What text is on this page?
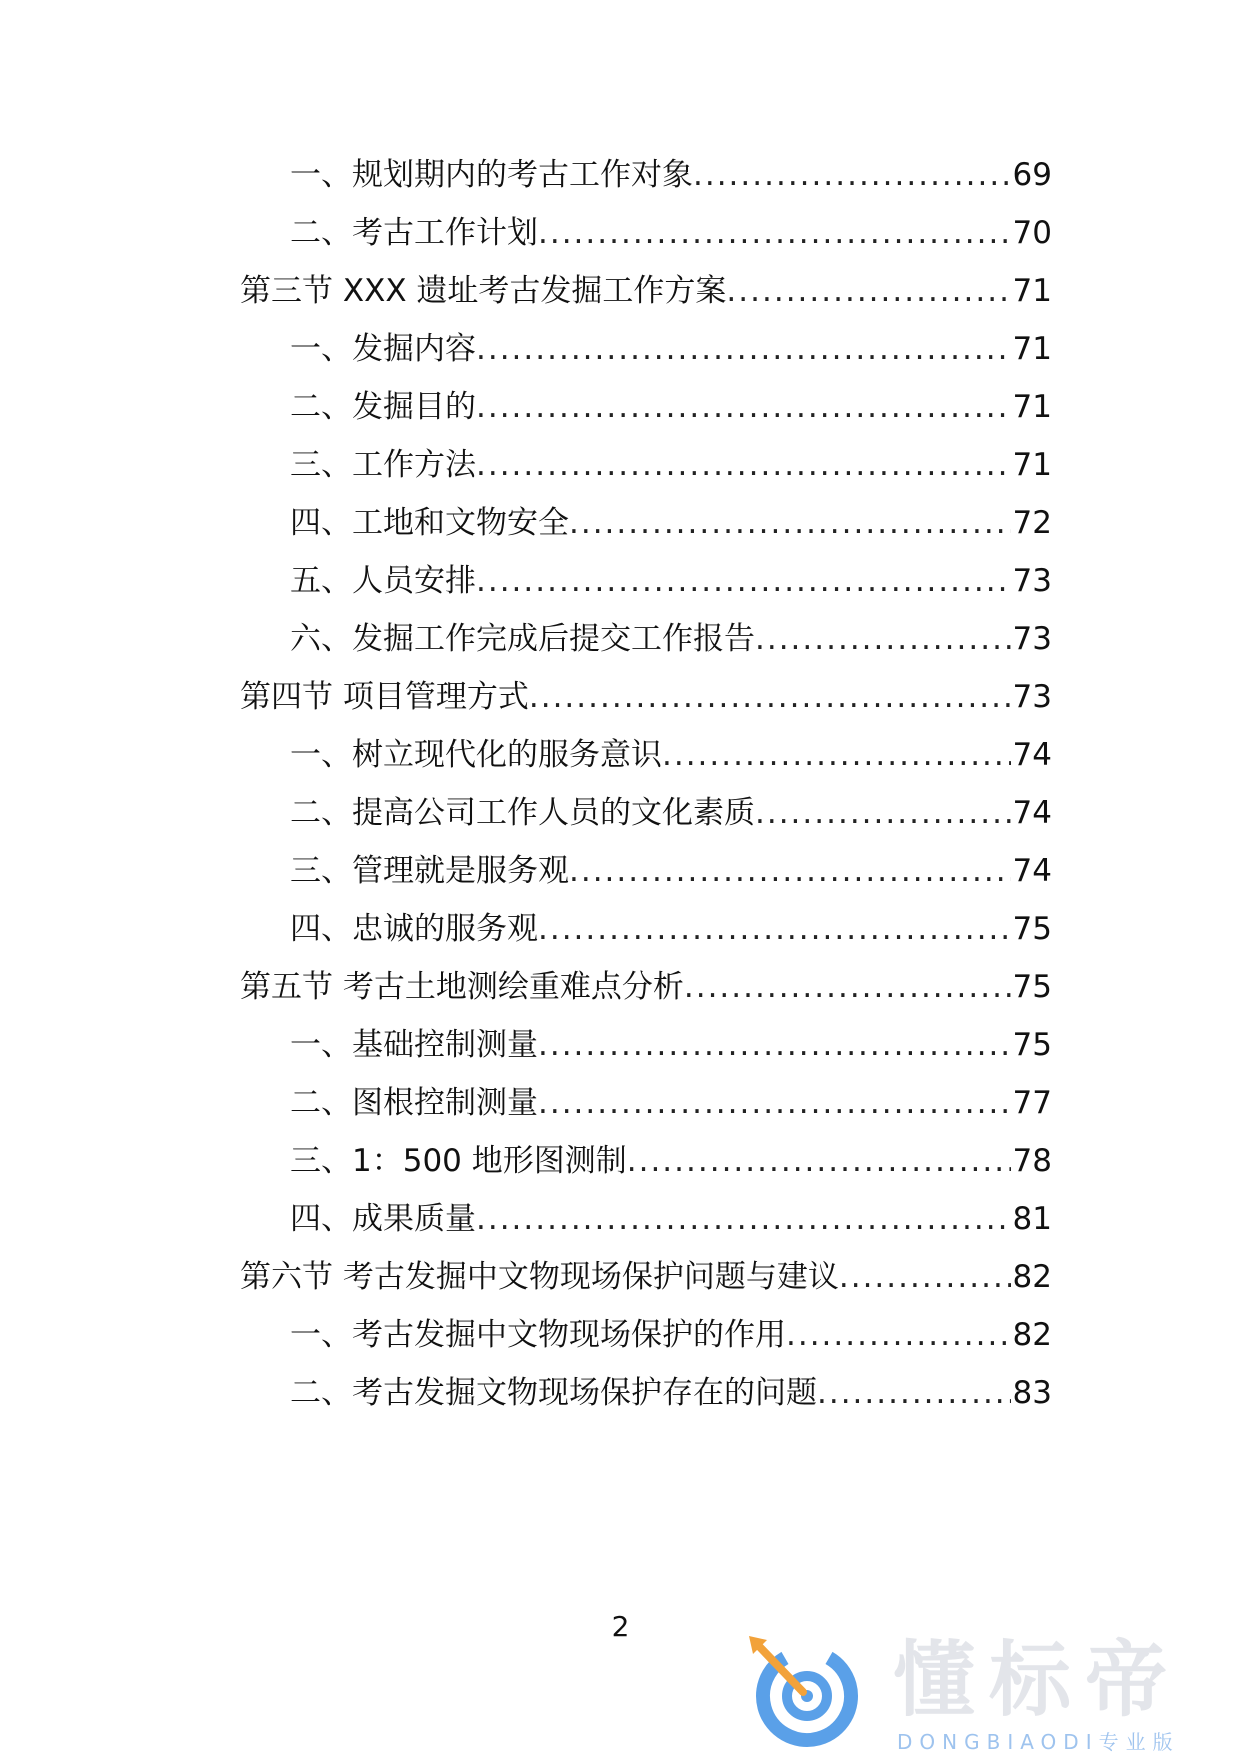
一、规划期内的考古工作对象 .....	69
二、考古工作计划 .....	70
第三节 XXX 遗址考古发掘工作方案 .....	71
一、发掘内容 .....	71
二、发掘目的 .....	71
三、工作方法 .....	71
四、工地和文物安全 .....	72
五、人员安排 .....	73
六、发掘工作完成后提交工作报告 .....	73
第四节 项目管理方式 .....	73
一、树立现代化的服务意识 .....	74
二、提高公司工作人员的文化素质 .....	74
三、管理就是服务观 .....	74
四、忠诚的服务观 .....	75
第五节 考古土地测绘重难点分析 .....	75
一、基础控制测量 .....	75
二、图根控制测量 .....	77
三、1：500 地形图测制 .....	78
四、成果质量 .....	81
第六节 考古发掘中文物现场保护问题与建议 .....	82
一、考古发掘中文物现场保护的作用 .....	82
二、考古发掘文物现场保护存在的问题 .....	83
2
懂标帝
DONGBIAODI专业版
